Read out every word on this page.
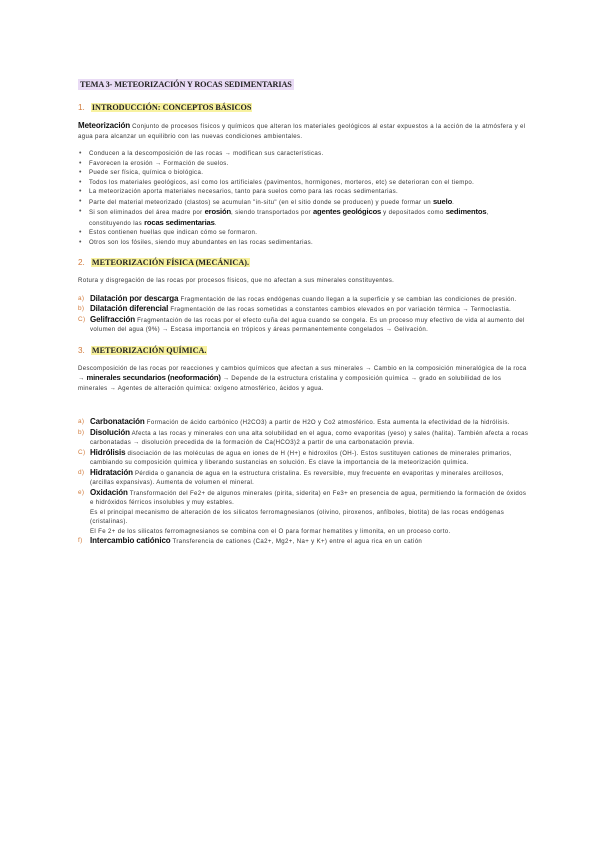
TEMA 3- METEORIZACIÓN Y ROCAS SEDIMENTARIAS
1. INTRODUCCIÓN: CONCEPTOS BÁSICOS

Meteorización Conjunto de procesos físicos y químicos que alteran los materiales geológicos al estar expuestos a la acción de la atmósfera y el agua para alcanzar un equilibrio con las nuevas condiciones ambientales.

• Conducen a la descomposición de las rocas → modifican sus características.
• Favorecen la erosión → Formación de suelos.
• Puede ser física, química o biológica.
• Todos los materiales geológicos, así como los artificiales (pavimentos, hormigones, morteros, etc) se deterioran con el tiempo.
• La meteorización aporta materiales necesarios, tanto para suelos como para las rocas sedimentarias.
• Parte del material meteorizado (clastos) se acumulan "in-situ" (en el sitio donde se producen) y puede formar un suelo.
• Si son eliminados del área madre por erosión, siendo transportados por agentes geológicos y depositados como sedimentos, constituyendo las rocas sedimentarias.
• Estos contienen huellas que indican cómo se formaron.
• Otros son los fósiles, siendo muy abundantes en las rocas sedimentarias.
2. METEORIZACIÓN FÍSICA (MECÁNICA).

Rotura y disgregación de las rocas por procesos físicos, que no afectan a sus minerales constituyentes.

a) Dilatación por descarga Fragmentación de las rocas endógenas cuando llegan a la superficie y se cambian las condiciones de presión.
b) Dilatación diferencial Fragmentación de las rocas sometidas a constantes cambios elevados en por variación térmica → Termoclastia.
C) Gelifracción Fragmentación de las rocas por el efecto cuña del agua cuando se congela. Es un proceso muy efectivo de vida al aumento del volumen del agua (9%) → Escasa importancia en trópicos y áreas permanentemente congelados → Gelivación.
3. METEORIZACIÓN QUÍMICA.

Descomposición de las rocas por reacciones y cambios químicos que afectan a sus minerales → Cambio en la composición mineralógica de la roca → minerales secundarios (neoformación) → Depende de la estructura cristalina y composición química → grado en solubilidad de los minerales → Agentes de alteración química: oxígeno atmosférico, ácidos y agua.

a) Carbonatación Formación de ácido carbónico (H2CO3) a partir de H2O y Co2 atmosférico. Esta aumenta la efectividad de la hidrólisis.
b) Disolución Afecta a las rocas y minerales con una alta solubilidad en el agua, como evaporitas (yeso) y sales (halita). También afecta a rocas carbonatadas → disolución precedida de la formación de Ca(HCO3)2 a partir de una carbonatación previa.
C) Hidrólisis disociación de las moléculas de agua en iones de H (H+) e hidroxilos (OH-). Estos sustituyen cationes de minerales primarios, cambiando su composición química y liberando sustancias en solución. Es clave la importancia de la meteorización química.
d) Hidratación Pérdida o ganancia de agua en la estructura cristalina. Es reversible, muy frecuente en evaporitas y minerales arcillosos, (arcillas expansivas). Aumenta de volumen el mineral.
e) Oxidación Transformación del Fe2+ de algunos minerales (pirita, siderita) en Fe3+ en presencia de agua, permitiendo la formación de óxidos e hidróxidos férricos insolubles y muy estables.
Es el principal mecanismo de alteración de los silicatos ferromagnesianos (olivino, piroxenos, anfíboles, biotita) de las rocas endógenas (cristalinas).
El Fe 2+ de los silicatos ferromagnesianos se combina con el O para formar hematites y limonita, en un proceso corto.
f) Intercambio catiónico Transferencia de cationes (Ca2+, Mg2+, Na+ y K+) entre el agua rica en un catión
